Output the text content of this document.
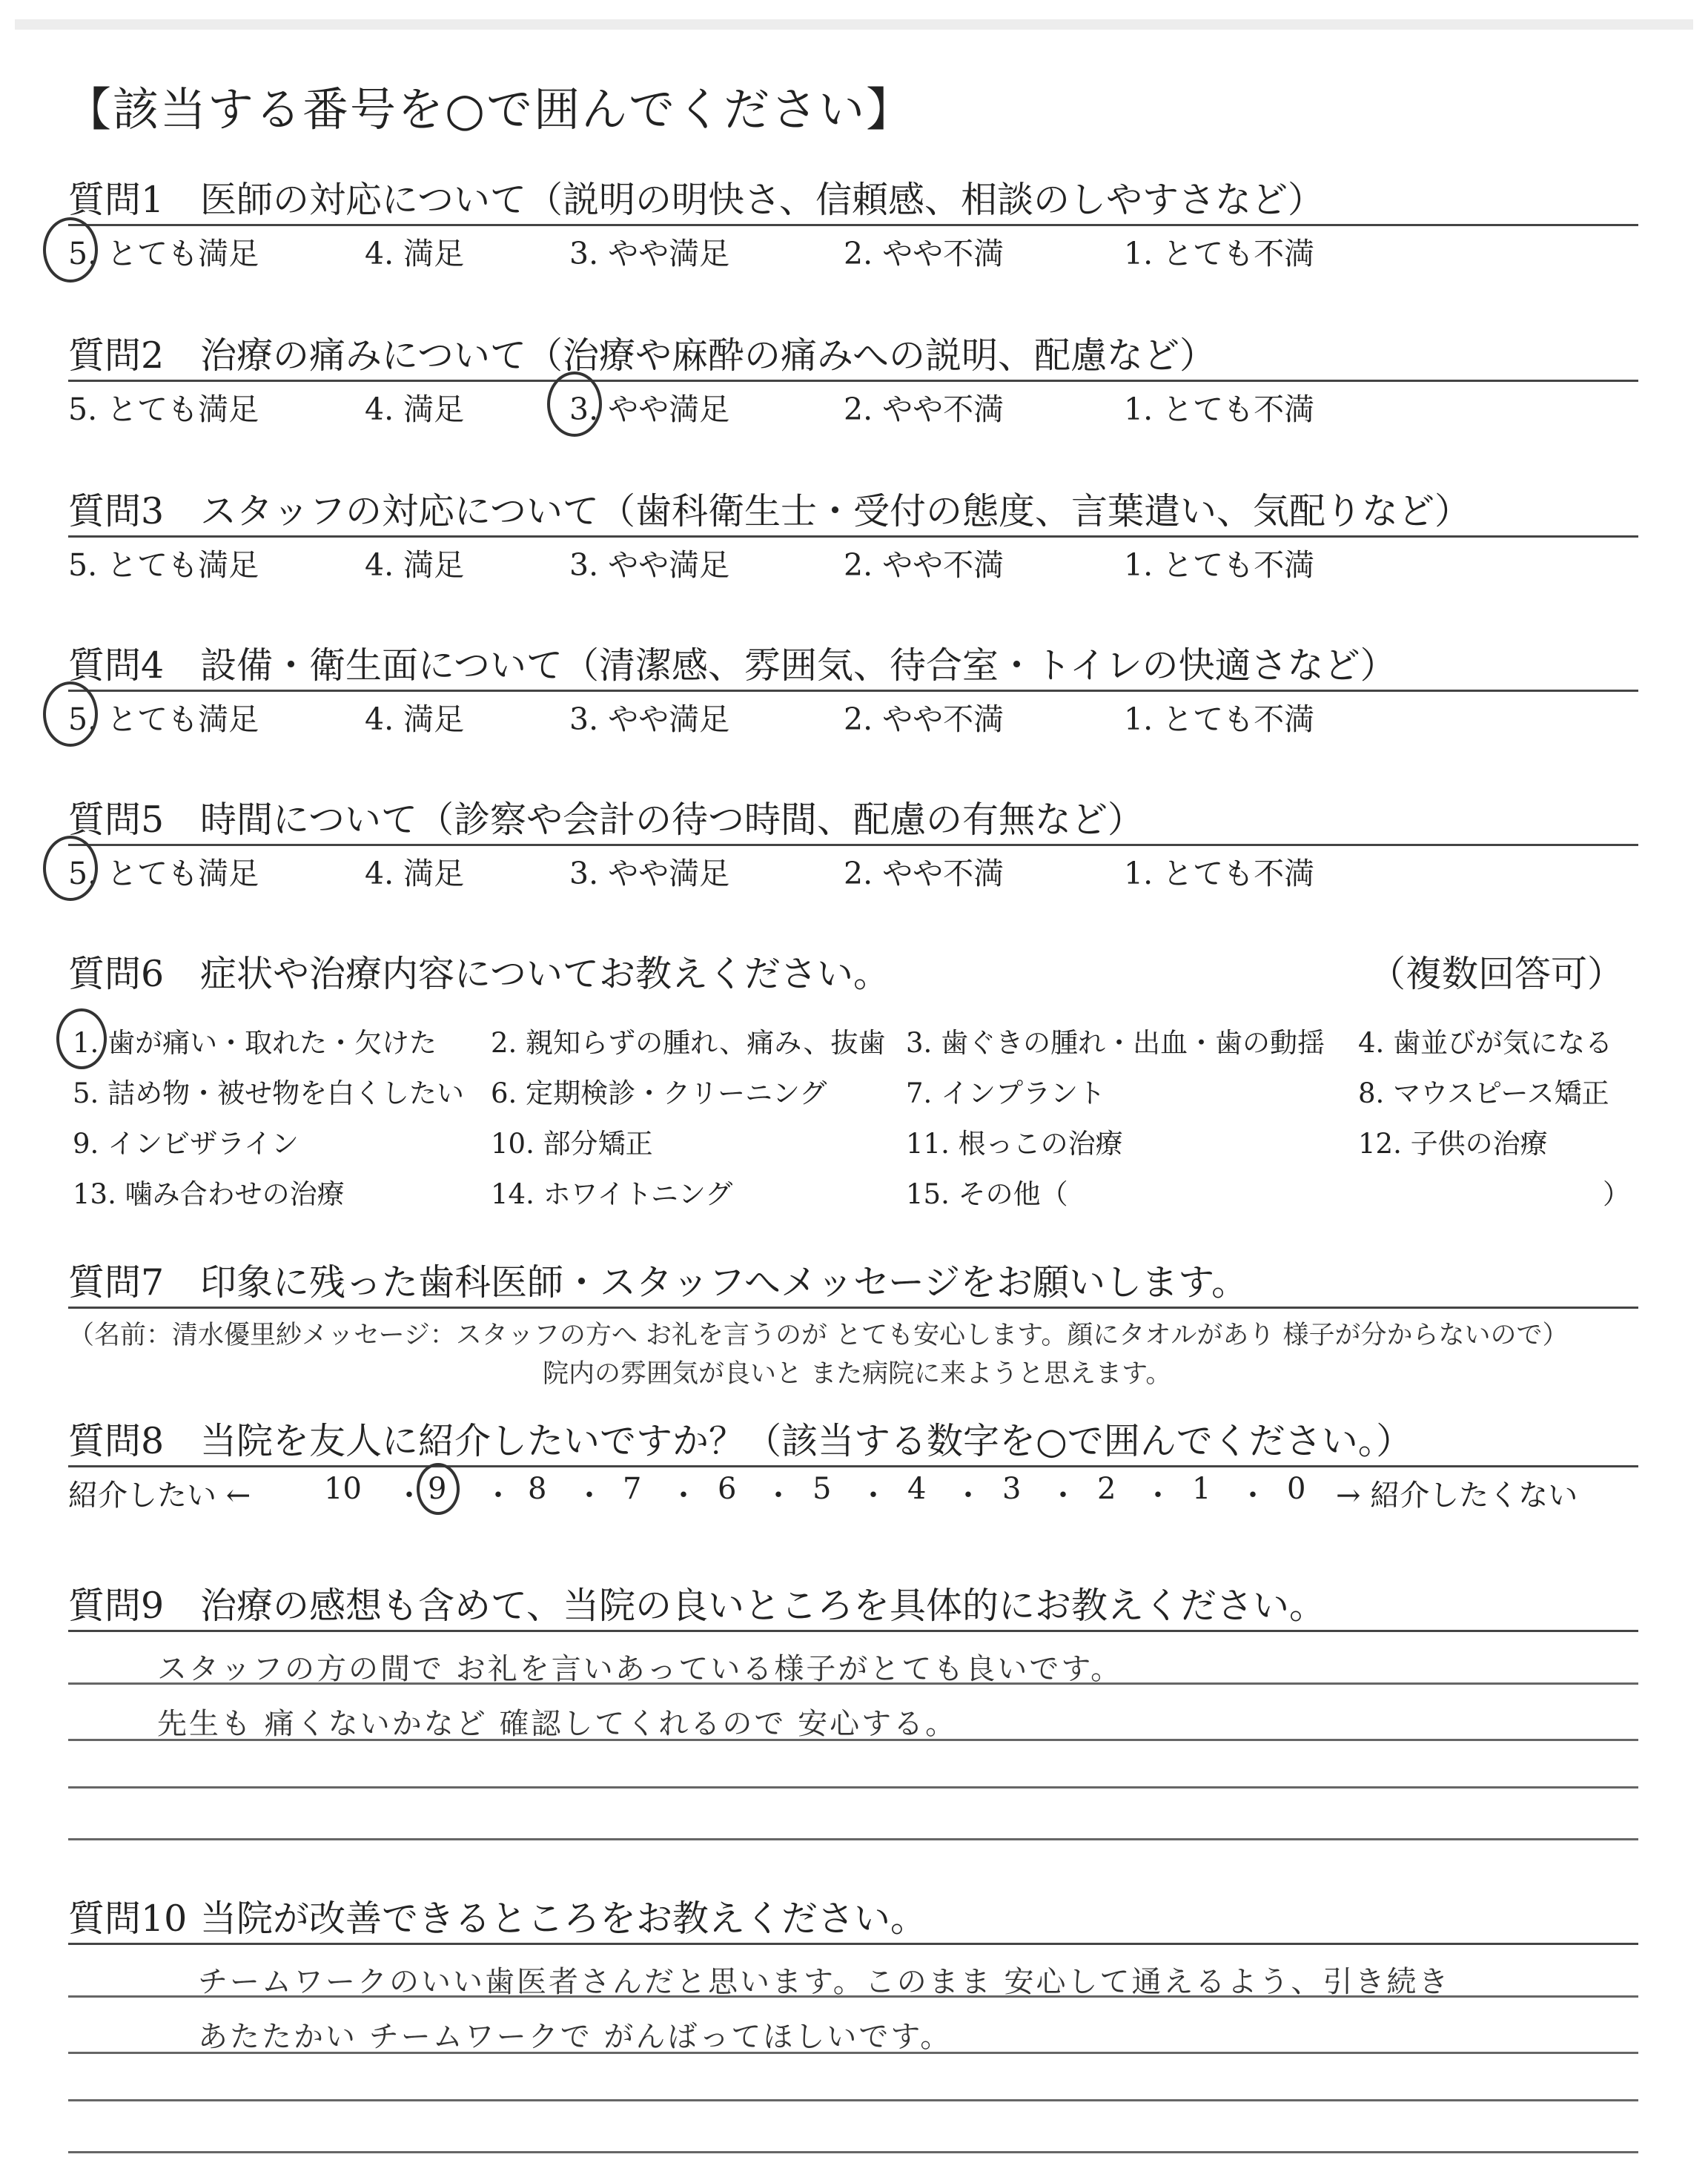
【該当する番号を○で囲んでください】
質問1 医師の対応について（説明の明快さ、信頼感、相談のしやすさなど）
5. とても満足	4. 満足	3. やや満足	2. やや不満	1. とても不満
質問2 治療の痛みについて（治療や麻酔の痛みへの説明、配慮など）
5. とても満足	4. 満足	3. やや満足	2. やや不満	1. とても不満
質問3 スタッフの対応について（歯科衛生士・受付の態度、言葉遣い、気配りなど）
5. とても満足	4. 満足	3. やや満足	2. やや不満	1. とても不満
質問4 設備・衛生面について（清潔感、雰囲気、待合室・トイレの快適さなど）
5. とても満足	4. 満足	3. やや満足	2. やや不満	1. とても不満
質問5 時間について（診察や会計の待つ時間、配慮の有無など）
5. とても満足	4. 満足	3. やや満足	2. やや不満	1. とても不満
質問6 症状や治療内容についてお教えください。	（複数回答可）
1. 歯が痛い・取れた・欠けた 2. 親知らずの腫れ、痛み、抜歯 3. 歯ぐきの腫れ・出血・歯の動揺 4. 歯並びが気になる
5. 詰め物・被せ物を白くしたい 6. 定期検診・クリーニング	7. インプラント	8. マウスピース矯正
9. インビザライン	10. 部分矯正	11. 根っこの治療	12. 子供の治療
13. 噛み合わせの治療	14. ホワイトニング	15. その他（	）
質問7 印象に残った歯科医師・スタッフへメッセージをお願いします。
（名前：清水優里紗メッセージ：スタッフの方へ お礼を言うのが とても安心します。顔にタオルがあり 様子が分からないので）
院内の雰囲気が良いと また病院に来ようと思えます。
質問8 当院を友人に紹介したいですか？（該当する数字を○で囲んでください。）
紹介したい ← 10 ・ 9 ・ 8 ・ 7 ・ 6 ・ 5 ・ 4 ・ 3 ・ 2 ・ 1 ・ 0 → 紹介したくない
質問9 治療の感想も含めて、当院の良いところを具体的にお教えください。
スタッフの方の間で お礼を言いあっている様子がとても良いです。
先生も 痛くないかなど 確認してくれるので 安心する。
質問10 当院が改善できるところをお教えください。
チームワークのいい歯医者さんだと思います。このまま 安心して通えるよう、引き続き
あたたかい チームワークで がんばってほしいです。
